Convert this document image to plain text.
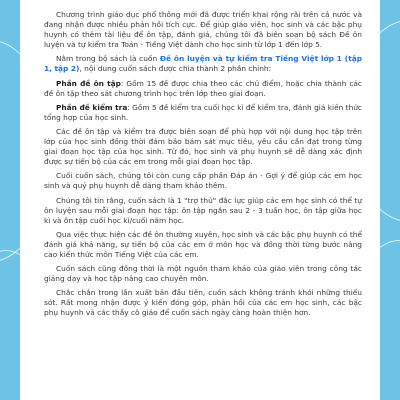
Chương trình giáo dục phổ thông mới đã được triển khai rộng rãi trên cả nước và đang nhận được nhiều phản hồi tích cực. Để giúp giáo viên, học sinh và các bậc phụ huynh có thêm tài liệu để ôn tập, đánh giá, chúng tôi đã biên soạn bộ sách Đề ôn luyện và tự kiểm tra Toán - Tiếng Việt dành cho học sinh từ lớp 1 đến lớp 5.

Nằm trong bộ sách là cuốn Đề ôn luyện và tự kiểm tra Tiếng Việt lớp 1 (tập 1, tập 2), nội dung cuốn sách được chia thành 2 phần chính:

Phần đề ôn tập: Gồm 15 đề được chia theo các chủ điểm, hoặc chia thành các đề ôn tập theo sát chương trình học trên lớp theo giai đoạn.

Phần đề kiểm tra: Gồm 5 đề kiểm tra cuối học kì để kiểm tra, đánh giá kiến thức tổng hợp của học sinh.

Các đề ôn tập và kiểm tra được biên soạn để phù hợp với nội dung học tập trên lớp của học sinh đồng thời đảm bảo bám sát mục tiêu, yêu cầu cần đạt trong từng giai đoạn học tập của học sinh. Từ đó, học sinh và phụ huynh sẽ dễ dàng xác định được sự tiến bộ của các em trong mỗi giai đoạn học tập.

Cuối cuốn sách, chúng tôi còn cung cấp phần Đáp án - Gợi ý để giúp các em học sinh và quý phụ huynh dễ dàng tham khảo thêm.

Chúng tôi tin rằng, cuốn sách là 1 "trợ thủ" đắc lực giúp các em học sinh có thể tự ôn luyện sau mỗi giai đoạn học tập: ôn tập ngắn sau 2 - 3 tuần học, ôn tập giữa học kì và ôn tập cuối học kì/cuối năm học.

Qua việc thực hiện các đề ôn thường xuyên, học sinh và các bậc phụ huynh có thể đánh giá khả năng, sự tiến bộ của các em ở môn học và đồng thời từng bước nâng cao kiến thức môn Tiếng Việt của các em.

Cuốn sách cũng đồng thời là một nguồn tham khảo của giáo viên trong công tác giảng dạy và học tập nâng cao chuyên môn.

Chắc chắn trong lần xuất bản đầu tiên, cuốn sách không tránh khỏi những thiếu sót. Rất mong nhận được ý kiến đóng góp, phản hồi của các em học sinh, các bậc phụ huynh và các thầy cô giáo để cuốn sách ngày càng hoàn thiện hơn.
